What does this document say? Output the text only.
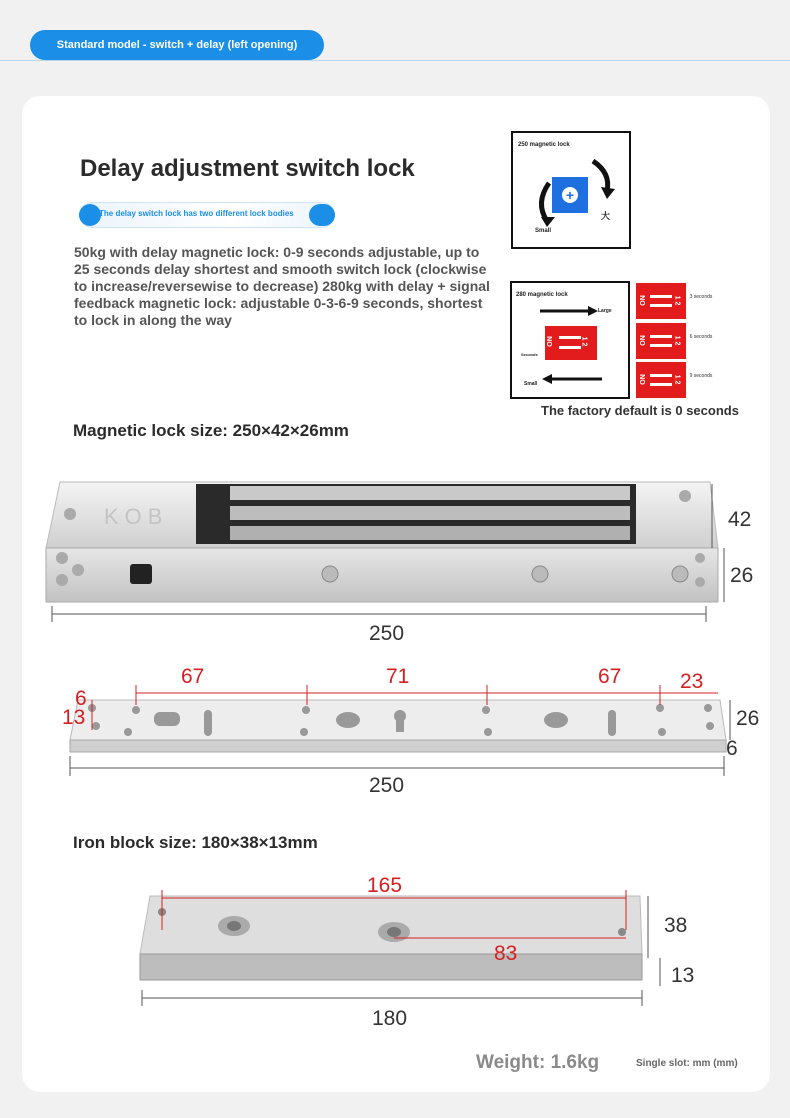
Standard model - switch + delay (left opening)
Delay adjustment switch lock
The delay switch lock has two different lock bodies
50kg with delay magnetic lock: 0-9 seconds adjustable, up to 25 seconds delay shortest and smooth switch lock (clockwise to increase/reversewise to decrease) 280kg with delay + signal feedback magnetic lock: adjustable 0-3-6-9 seconds, shortest to lock in along the way
250 magnetic lock
+
Small
大
280 magnetic lock
Large
ON	1 2
Seconds
Small
ON	1 2	3 seconds
ON	1 2	6 seconds
ON	1 2	9 seconds
The factory default is 0 seconds
Magnetic lock size: 250×42×26mm
KOB	42
26
250
67	71	67	23
6
13	26
6
250
Iron block size: 180×38×13mm
165
83
38
13
180
Weight: 1.6kg	Single slot: mm (mm)
